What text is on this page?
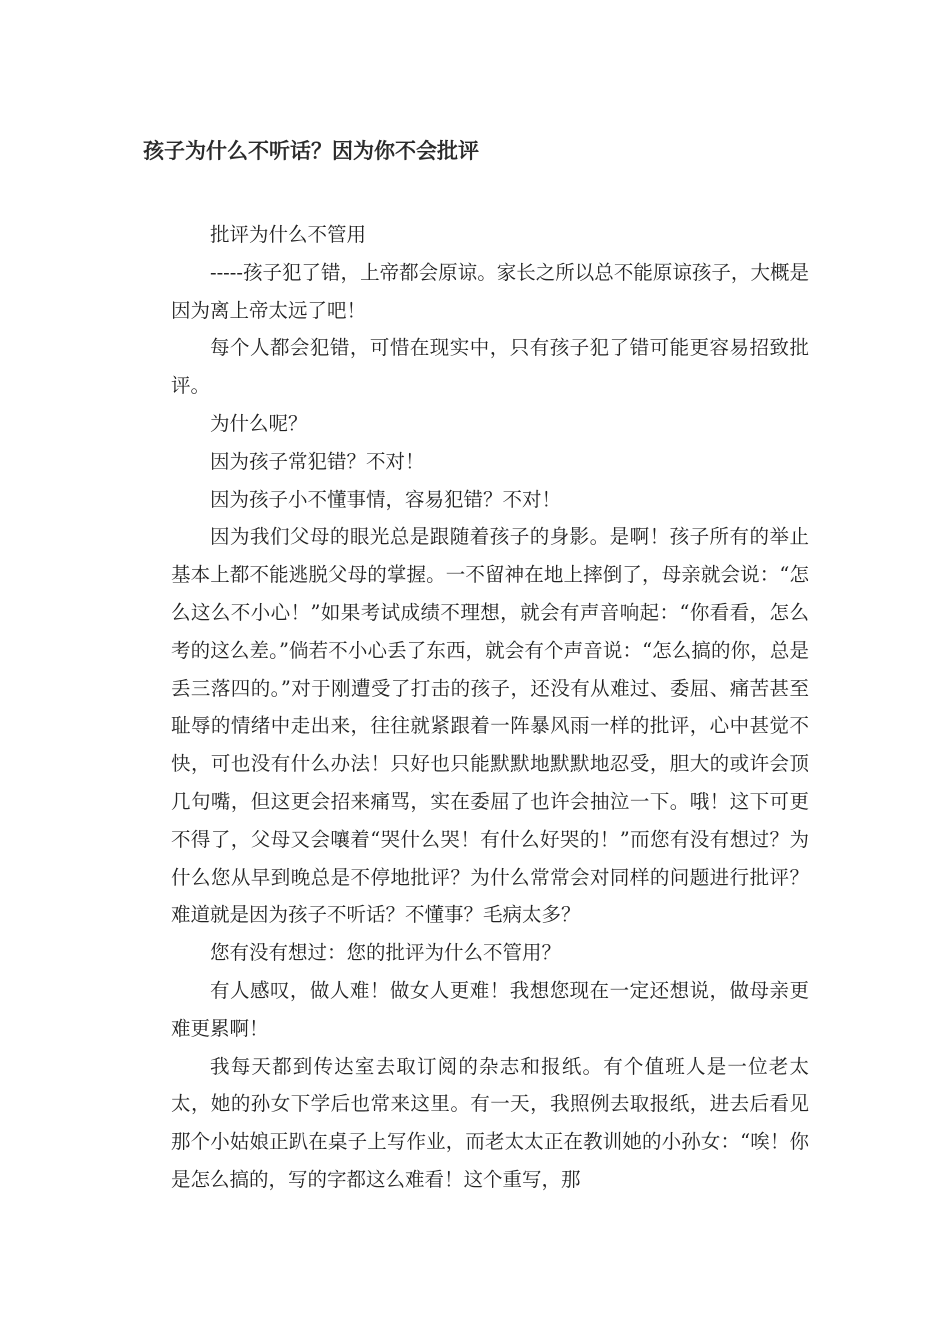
孩子为什么不听话？因为你不会批评

批评为什么不管用

-----孩子犯了错，上帝都会原谅。家长之所以总不能原谅孩子，大概是因为离上帝太远了吧！

每个人都会犯错，可惜在现实中，只有孩子犯了错可能更容易招致批评。

为什么呢？

因为孩子常犯错？不对！

因为孩子小不懂事情，容易犯错？不对！

因为我们父母的眼光总是跟随着孩子的身影。是啊！孩子所有的举止基本上都不能逃脱父母的掌握。一不留神在地上摔倒了，母亲就会说：“怎么这么不小心！”如果考试成绩不理想，就会有声音响起：“你看看，怎么考的这么差。”倘若不小心丢了东西，就会有个声音说：“怎么搞的你，总是丢三落四的。”对于刚遭受了打击的孩子，还没有从难过、委屈、痛苦甚至耻辱的情绪中走出来，往往就紧跟着一阵暴风雨一样的批评，心中甚觉不快，可也没有什么办法！只好也只能默默地默默地忍受，胆大的或许会顶几句嘴，但这更会招来痛骂，实在委屈了也许会抽泣一下。哦！这下可更不得了，父母又会嚷着“哭什么哭！有什么好哭的！”而您有没有想过？为什么您从早到晚总是不停地批评？为什么常常会对同样的问题进行批评？难道就是因为孩子不听话？不懂事？毛病太多？

您有没有想过：您的批评为什么不管用？

有人感叹，做人难！做女人更难！我想您现在一定还想说，做母亲更难更累啊！

我每天都到传达室去取订阅的杂志和报纸。有个值班人是一位老太太，她的孙女下学后也常来这里。有一天，我照例去取报纸，进去后看见那个小姑娘正趴在桌子上写作业，而老太太正在教训她的小孙女：“唉！你是怎么搞的，写的字都这么难看！这个重写，那
